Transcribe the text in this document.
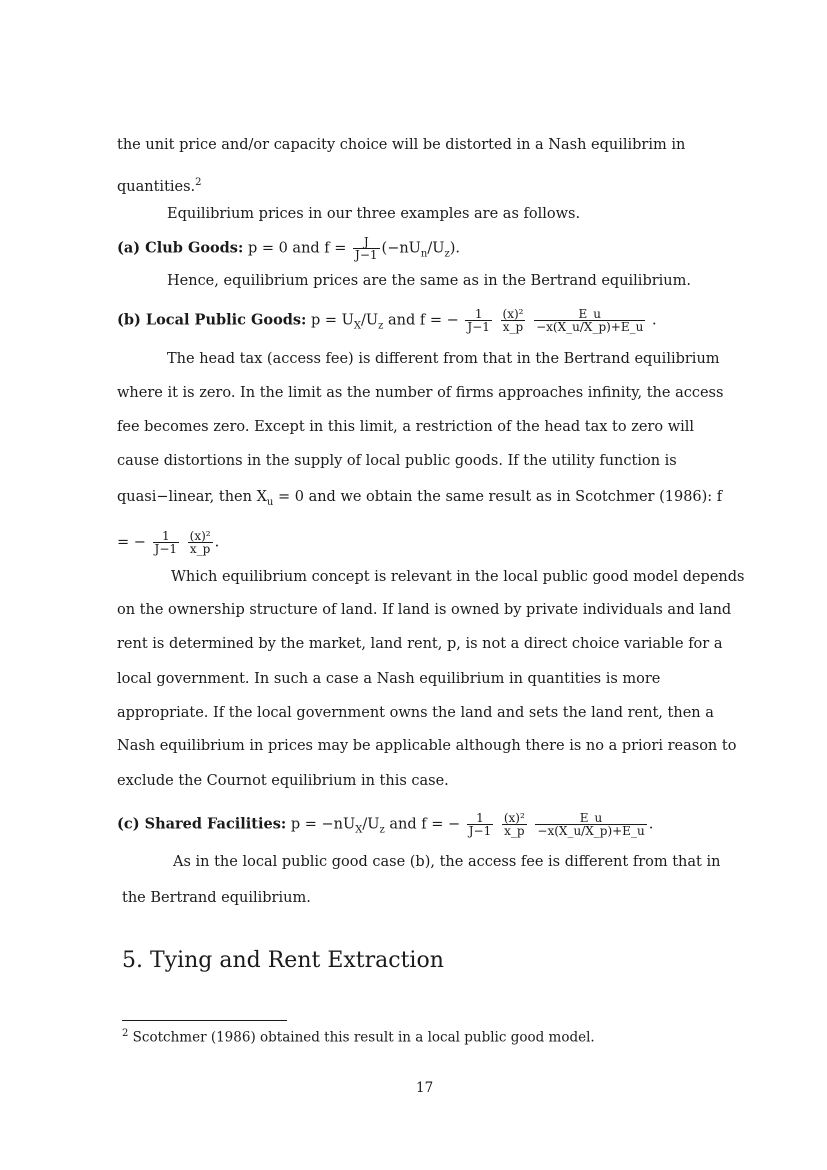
the unit price and/or capacity choice will be distorted in a Nash equilibrim in
quantities.$^2$
Equilibrium prices in our three examples are as follows.
(a) Club Goods: p = 0 and $f = \frac{J}{J-1} (-nU_n/U_z)$.
Hence, equilibrium prices are the same as in the Bertrand equilibrium.
(b) Local Public Goods: $p = U_X/U_z$ and f = − $\frac{1}{J-1}$
$\frac{\text{(x)²}}{x\_p}$
$\frac{E\_u}{-x(X\_u/X\_p)+E\_u}$ .
The head tax (access fee) is different from that in the Bertrand equilibrium
where it is zero. In the limit as the number of firms approaches infinity, the access
fee becomes zero. Except in this limit, a restriction of the head tax to zero will
cause distortions in the supply of local public goods. If the utility function is
quasi−linear, then $X_u = 0$ and we obtain the same result as in Scotchmer (1986): f
= − $\frac{1}{J-1}$
$\frac{\text{(x)²}}{x\_p}$ .
Which equilibrium concept is relevant in the local public good model depends
on the ownership structure of land. If land is owned by private individuals and land
rent is determined by the market, land rent, p, is not a direct choice variable for a
local government. In such a case a Nash equilibrium in quantities is more
appropriate. If the local government owns the land and sets the land rent, then a
Nash equilibrium in prices may be applicable although there is no a priori reason to
exclude the Cournot equilibrium in this case.
(c) Shared Facilities: $p = -nU_X/U_z$ and f = − $\frac{1}{J-1}$
$\frac{\text{(x)²}}{x\_p}$
$\frac{E\_u}{-x(X\_u/X\_p)+E\_u}$ .
As in the local public good case (b), the access fee is different from that in
the Bertrand equilibrium.
5. Tying and Rent Extraction
$^2$ Scotchmer (1986) obtained this result in a local public good model.
17
